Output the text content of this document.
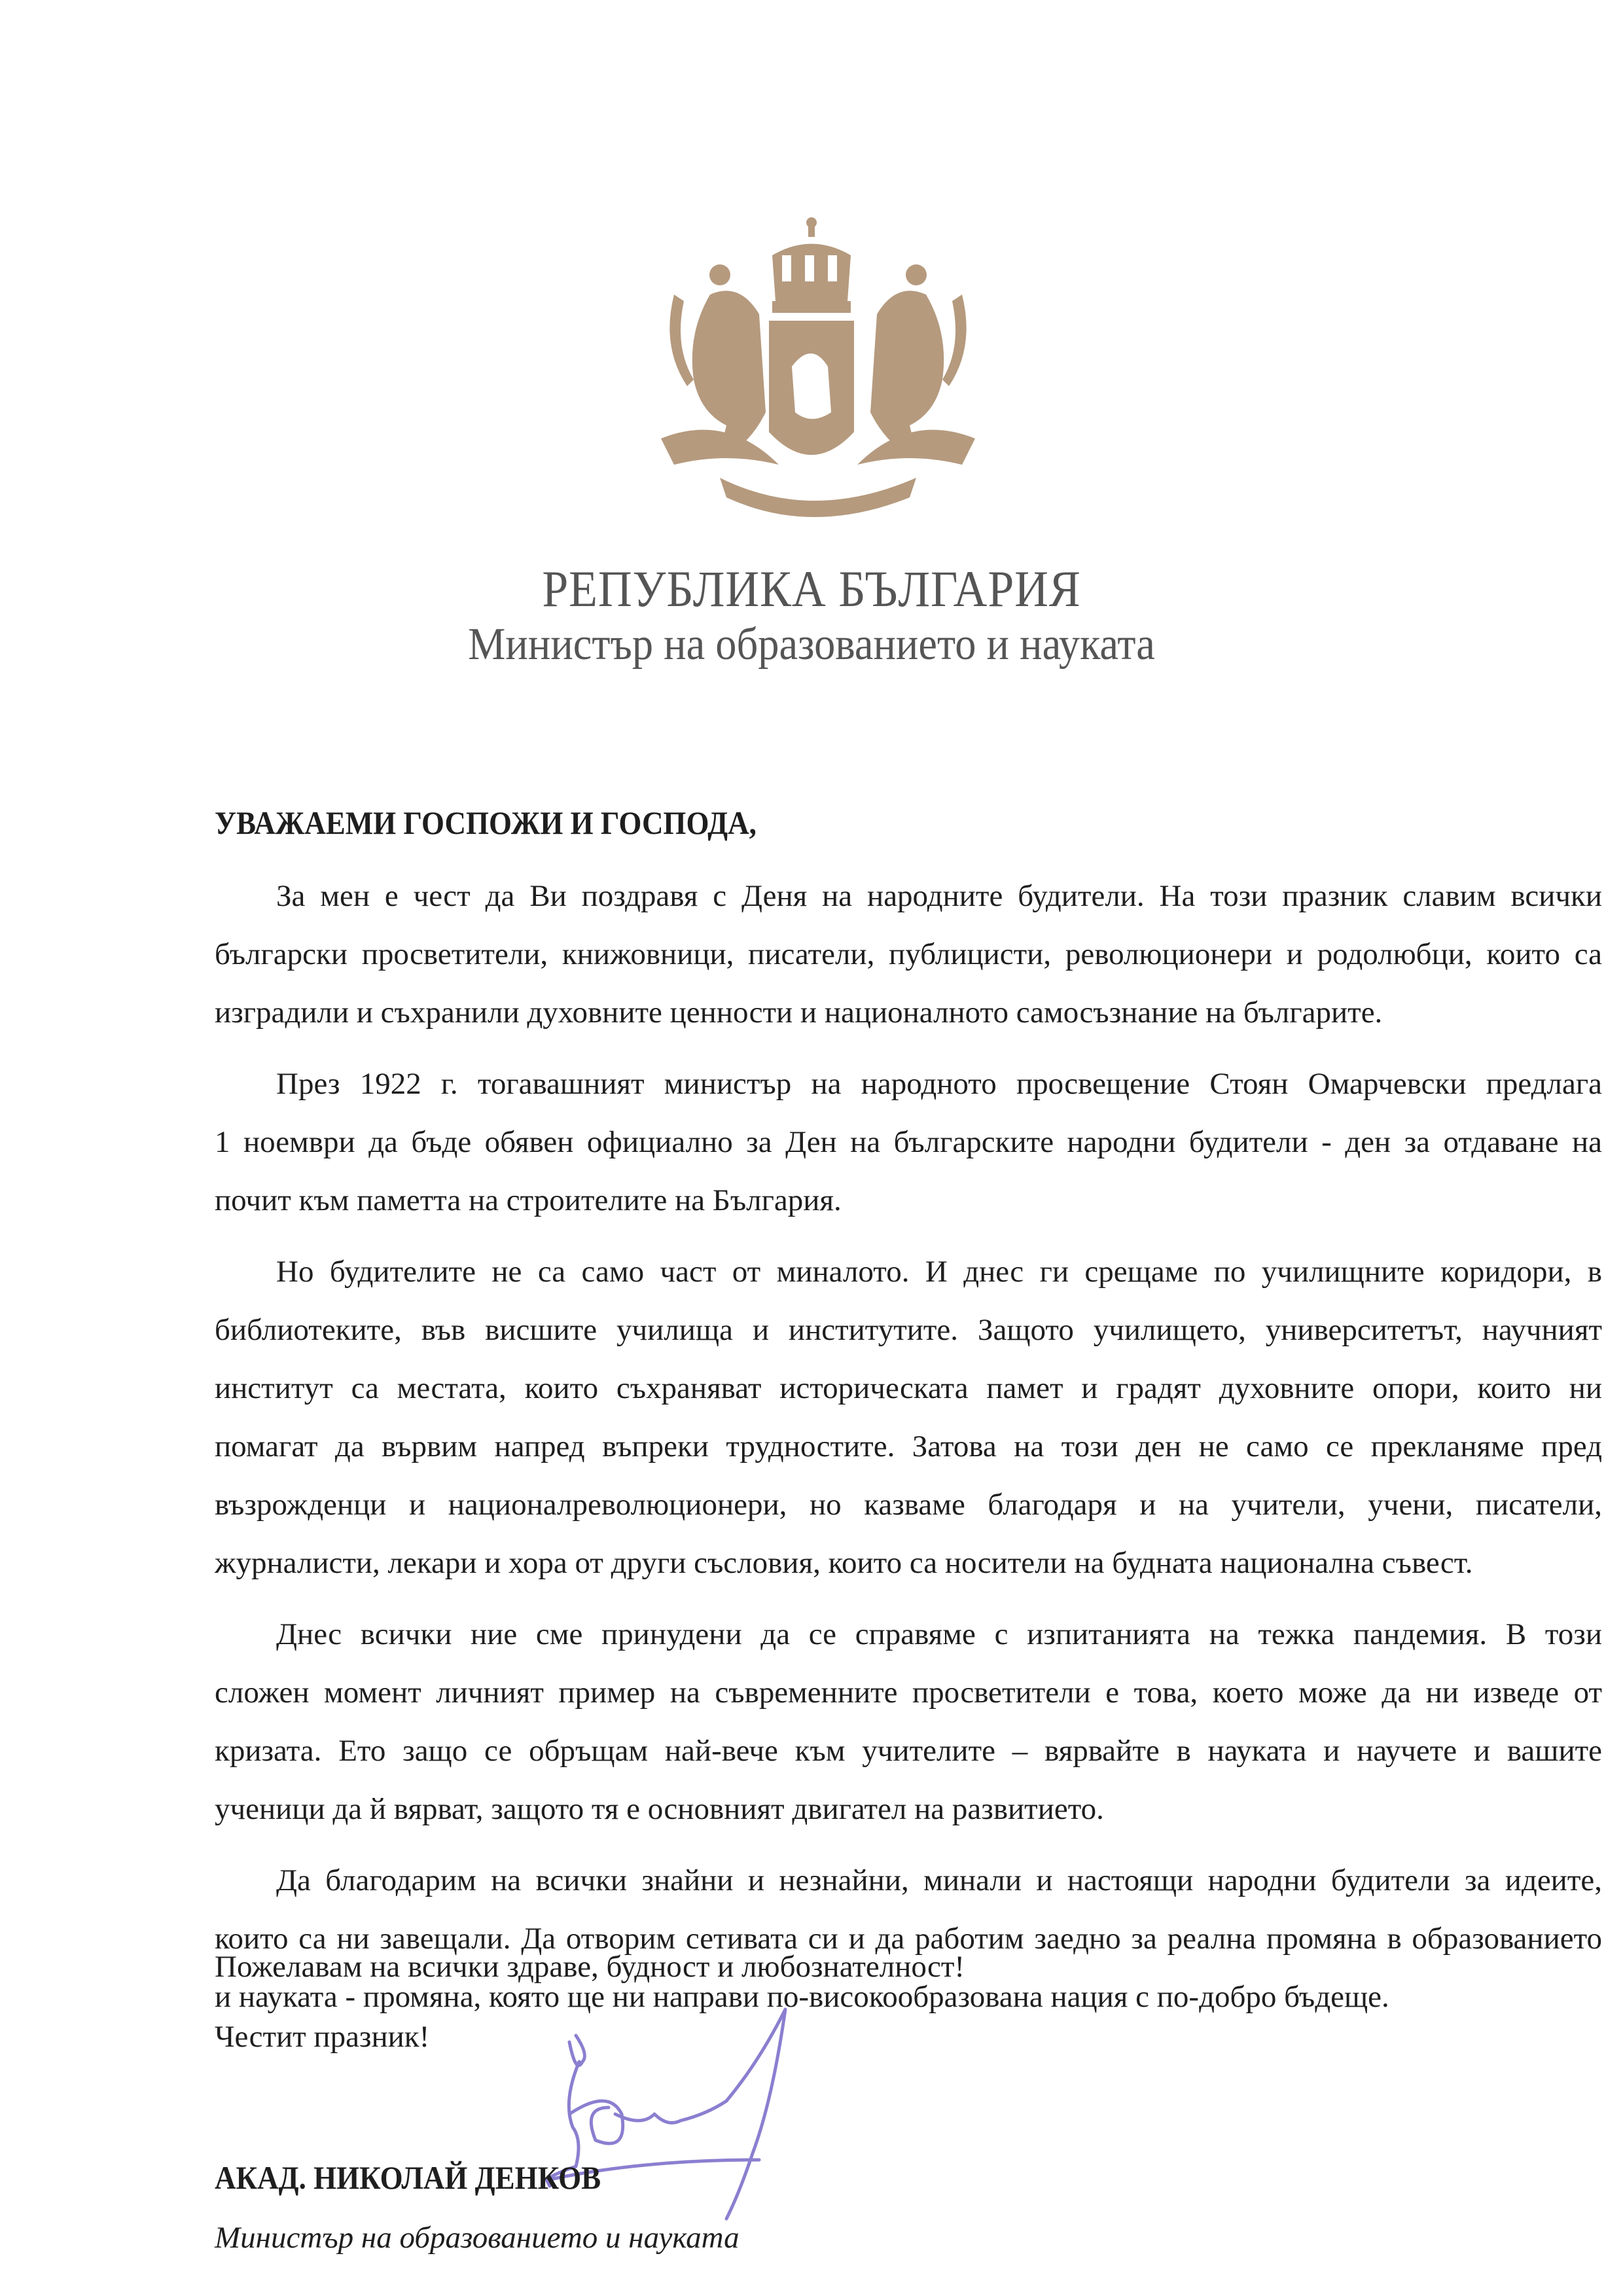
РЕПУБЛИКА БЪЛГАРИЯ
Министър на образованието и науката
УВАЖАЕМИ ГОСПОЖИ И ГОСПОДА,

  За мен е чест да Ви поздравя с Деня на народните будители. На този празник славим всички
български просветители, книжовници, писатели, публицисти, революционери и родолюбци, които са
изградили и съхранили духовните ценности и националното самосъзнание на българите.

  През 1922 г. тогавашният министър на народното просвещение Стоян Омарчевски предлага
1 ноември да бъде обявен официално за Ден на българските народни будители - ден за отдаване на
почит към паметта на строителите на България.

  Но будителите не са само част от миналото. И днес ги срещаме по училищните коридори, в
библиотеките, във висшите училища и институтите. Защото училището, университетът, научният
институт са местата, които съхраняват историческата памет и градят духовните опори, които ни
помагат да вървим напред въпреки трудностите. Затова на този ден не само се прекланяме пред
възрожденци и националреволюционери, но казваме благодаря и на учители, учени, писатели,
журналисти, лекари и хора от други съсловия, които са носители на будната национална съвест.

  Днес всички ние сме принудени да се справяме с изпитанията на тежка пандемия. В този
сложен момент личният пример на съвременните просветители е това, което може да ни изведе от
кризата. Ето защо се обръщам най-вече към учителите – вярвайте в науката и научете и вашите
ученици да й вярват, защото тя е основният двигател на развитието.

  Да благодарим на всички знайни и незнайни, минали и настоящи народни будители за идеите,
които са ни завещали. Да отворим сетивата си и да работим заедно за реална промяна в образованието
и науката - промяна, която ще ни направи по-високообразована нация с по-добро бъдеще.

Пожелавам на всички здраве, будност и любознателност!
Честит празник!
АКАД. НИКОЛАЙ ДЕНКОВ
Министър на образованието и науката
